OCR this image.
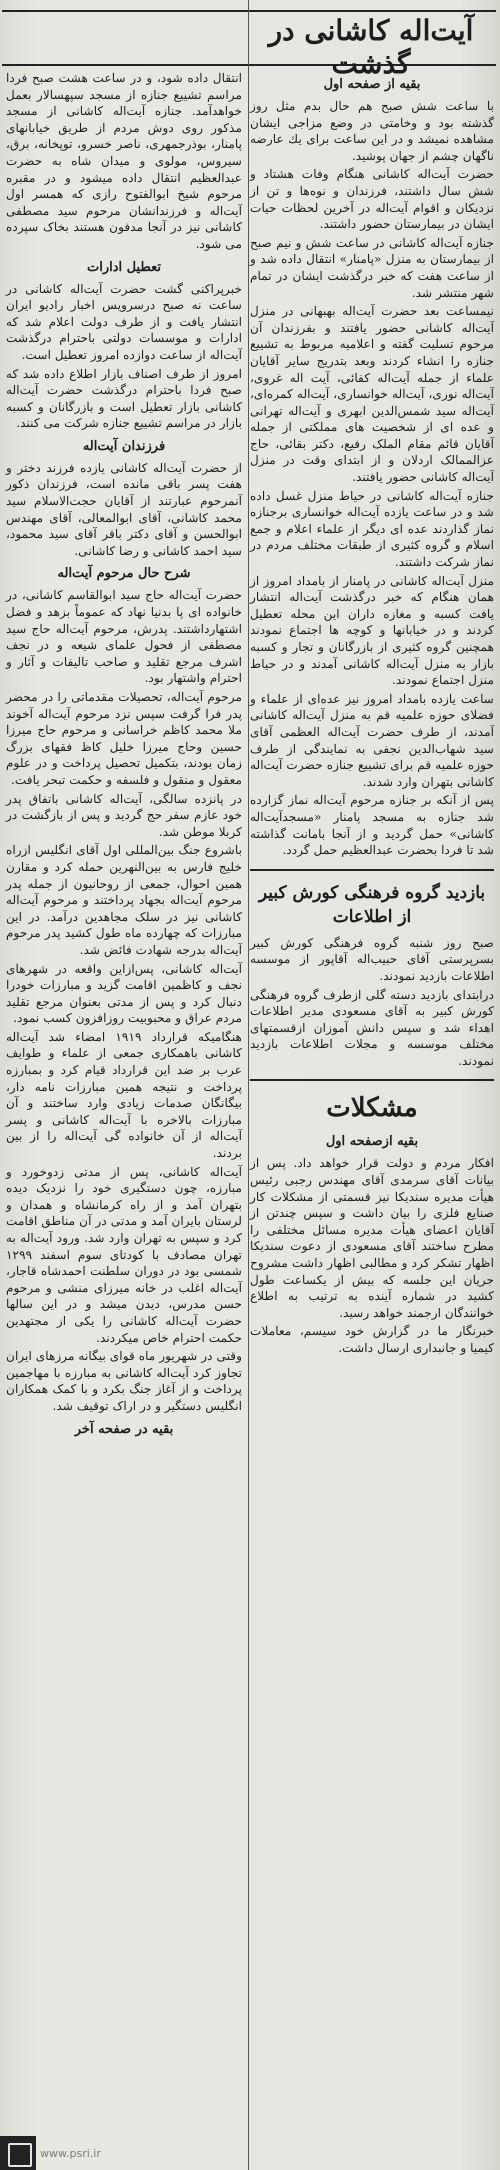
آیت‌اله کاشانی در گذشت
بقیه از صفحه اول

با ساعت شش صبح هم حال بدم مثل روز گذشته بود و وخامتی در وضع مزاجی ایشان مشاهده نمیشد و در این ساعت برای یك عارضه ناگهان چشم از جهان پوشید.

حضرت آیت‌اله کاشانی هنگام وفات هشتاد و شش سال داشتند، فرزندان و نوه‌ها و تن از نزدیکان و اقوام آیت‌اله در آخرین لحظات حیات ایشان در بیمارستان حضور داشتند.

جنازه آیت‌اله کاشانی در ساعت شش و نیم صبح از بیمارستان به منزل «پامنار» انتقال داده شد و از ساعت هفت که خبر درگذشت ایشان در تمام شهر منتشر شد.

نیمساعت بعد حضرت آیت‌اله بهبهانی در منزل آیت‌اله کاشانی حضور یافتند و بفرزندان آن مرحوم تسلیت گفته و اعلامیه مربوط به تشییع جنازه را انشاء کردند وبعد بتدریج سایر آقایان علماء از جمله آیت‌اله کفائی، آیت اله غروی، آیت‌اله نوری، آیت‌اله خوانساری، آیت‌اله کمره‌ای، آیت‌اله سید شمس‌الدین ابهری و آیت‌اله تهرانی و عده ای از شخصیت های مملکتی از جمله آقایان قائم مقام الملک رفیع، دکتر بقائی، حاج عزالممالک اردلان و از ابتدای وقت در منزل آیت‌اله کاشانی حضور یافتند.

جنازه آیت‌اله کاشانی در حیاط منزل غسل داده شد و در ساعت یازده آیت‌اله خوانساری برجنازه نماز گذاردند عده ای دیگر از علماء اعلام و جمع اسلام و گروه کثیری از طبقات مختلف مردم در نماز شرکت داشتند.

منزل آیت‌اله کاشانی در پامنار از بامداد امروز از همان هنگام که خبر درگذشت آیت‌اله انتشار یافت کسبه و مغازه داران این محله تعطیل کردند و در خیابانها و کوچه ها اجتماع نمودند همچنین گروه کثیری از بازرگانان و تجار و کسبه بازار به منزل آیت‌اله کاشانی آمدند و در حیاط منزل اجتماع نمودند.

ساعت یازده بامداد امروز نیز عده‌ای از علماء و فضلای حوزه علمیه قم به منزل آیت‌اله کاشانی آمدند، از طرف حضرت آیت‌اله العظمی آقای سید شهاب‌الدین نجفی به نمایندگی از طرف حوزه علمیه قم برای تشییع جنازه حضرت آیت‌اله کاشانی بتهران وارد شدند.

پس از آنکه بر جنازه مرحوم آیت‌اله نماز گزارده شد جنازه به مسجد پامنار «مسجدآیت‌اله کاشانی» حمل گردید و از آنجا بامانت گذاشته شد تا فردا بحضرت عبدالعظیم حمل گردد.

بازدید گروه فرهنگی کورش کبیر از اطلاعات

صبح روز شنبه گروه فرهنگی کورش کبیر بسرپرستی آقای حبیب‌اله آقاپور از موسسه اطلاعات بازدید نمودند.

درابتدای بازدید دسته گلی ازطرف گروه فرهنگی کورش کبیر به آقای مسعودی مدیر اطلاعات اهداء شد و سپس دانش آموزان ازقسمتهای مختلف موسسه و مجلات اطلاعات بازدید نمودند.

مشکلات
بقیه ازصفحه اول

افکار مردم و دولت قرار خواهد داد. پس از بیانات آقای سرمدی آقای مهندس رجبی رئیس هیأت مدیره سندیکا نیز قسمتی از مشکلات کار صنایع فلزی را بیان داشت و سپس چندتن از آقایان اعضای هیأت مدیره مسائل مختلفی را مطرح ساختند آقای مسعودی از دعوت سندیکا اظهار تشکر کرد و مطالبی اظهار داشت مشروح جریان این جلسه که بیش از یکساعت طول کشید در شماره آینده به ترتیب به اطلاع خوانندگان ارجمند خواهد رسید.

خبرنگار ما در گزارش خود سیسم، معاملات کیمیا و جانبداری ارسال داشت.

انتقال داده شود، و در ساعت هشت صبح فردا مراسم تشییع جنازه از مسجد سپهسالار بعمل خواهدآمد. جنازه آیت‌اله کاشانی از مسجد مذکور روی دوش مردم از طریق خیابانهای پامنار، بوذرجمهری، ناصر خسرو، توپخانه، برق، سیروس، مولوی و میدان شاه به حضرت عبدالعظیم انتقال داده میشود و در مقبره مرحوم شیخ ابوالفتوح رازی که همسر اول آیت‌اله و فرزندانشان مرحوم سید مصطفی کاشانی نیز در آنجا مدفون هستند بخاک سپرده می شود.

تعطیل ادارات

خبرپراکنی گشت حضرت آیت‌اله کاشانی در ساعت نه صبح درسرویس اخبار رادیو ایران انتشار یافت و از طرف دولت اعلام شد که ادارات و موسسات دولتی باحترام درگذشت آیت‌اله از ساعت دوازده امروز تعطیل است.

امروز از طرف اصناف بازار اطلاع داده شد که صبح فردا باحترام درگذشت حضرت آیت‌اله کاشانی بازار تعطیل است و بازرگانان و کسبه بازار در مراسم تشییع جنازه شرکت می کنند.

فرزندان آیت‌اله

از حضرت آیت‌اله کاشانی یازده فرزند دختر و هفت پسر باقی مانده است، فرزندان ذکور آنمرحوم عبارتند از آقایان حجت‌الاسلام سید محمد کاشانی، آقای ابوالمعالی، آقای مهندس ابوالحسن و آقای دکتر باقر آقای سید محمود، سید احمد کاشانی و رضا کاشانی.

شرح حال مرحوم آیت‌اله

حضرت آیت‌اله حاج سید ابوالقاسم کاشانی، در خانواده ای پا بدنیا نهاد که عموماً بزهد و فضل اشتهارداشتند. پدرش، مرحوم آیت‌اله حاج سید مصطفی از فحول علمای شیعه و در نجف اشرف مرجع تقلید و صاحب تالیفات و آثار و احترام واشتهار بود.

مرحوم آیت‌اله، تحصیلات مقدماتی را در محضر پدر فرا گرفت سپس نزد مرحوم آیت‌اله آخوند ملا محمد کاظم خراسانی و مرحوم حاج میرزا حسین وحاج میرزا خلیل کاظ فقهای بزرگ زمان بودند، بتکمیل تحصیل پرداخت و در علوم معقول و منقول و فلسفه و حکمت تبحر یافت.

در پانزده سالگی، آیت‌اله کاشانی باتفاق پدر خود عازم سفر حج گردید و پس از بازگشت در کربلا موطن شد.

باشروع جنگ بین‌المللی اول آقای انگلیس ازراه خلیج فارس به بین‌النهرین حمله کرد و مقارن همین احوال، جمعی از روحانیون از جمله پدر مرحوم آیت‌اله بجهاد پرداختند و مرحوم آیت‌اله کاشانی نیز در سلک مجاهدین درآمد. در این مبارزات که چهارده ماه طول کشید پدر مرحوم آیت‌اله بدرجه شهادت فائض شد.

آیت‌اله کاشانی، پس‌ازاین واقعه در شهرهای نجف و کاظمین اقامت گزید و مبارزات خودرا دنبال کرد و پس از مدتی بعنوان مرجع تقلید مردم عراق و محبوبیت روزافزون کسب نمود.

هنگامیکه قرارداد ۱۹۱۹ امضاء شد آیت‌اله کاشانی باهمکاری جمعی از علماء و طوایف عرب بر ضد این قرارداد قیام کرد و بمبارزه پرداخت و نتیجه همین مبارزات نامه دار، بیگانگان صدمات زیادی وارد ساختند و آن مبارزات بالاخره با آیت‌اله کاشانی و پسر آیت‌اله از آن خانواده گی آیت‌اله را از بین بردند.

آیت‌اله کاشانی، پس از مدتی زدوخورد و مبارزه، چون دستگیری خود را نزدیک دیده بتهران آمد و از راه کرمانشاه و همدان و لرستان بایران آمد و مدتی در آن مناطق اقامت کرد و سپس به تهران وارد شد. ورود آیت‌اله به تهران مصادف با کودتای سوم اسفند ۱۲۹۹ شمسی بود در دوران سلطنت احمدشاه قاجار، آیت‌اله اغلب در خانه میرزای منشی و مرحوم حسن مدرس، دیدن میشد و در این سالها حضرت آیت‌اله کاشانی را یکی از مجتهدین حکمت احترام خاص میکردند.

وقتی در شهریور ماه قوای بیگانه مرزهای ایران تجاوز کرد آیت‌اله کاشانی به مبارزه با مهاجمین پرداخت و از آغاز جنگ بکرد و با کمک همکاران انگلیس دستگیر و در اراک توقیف شد.

بقیه در صفحه آخر
www.psri.ir
